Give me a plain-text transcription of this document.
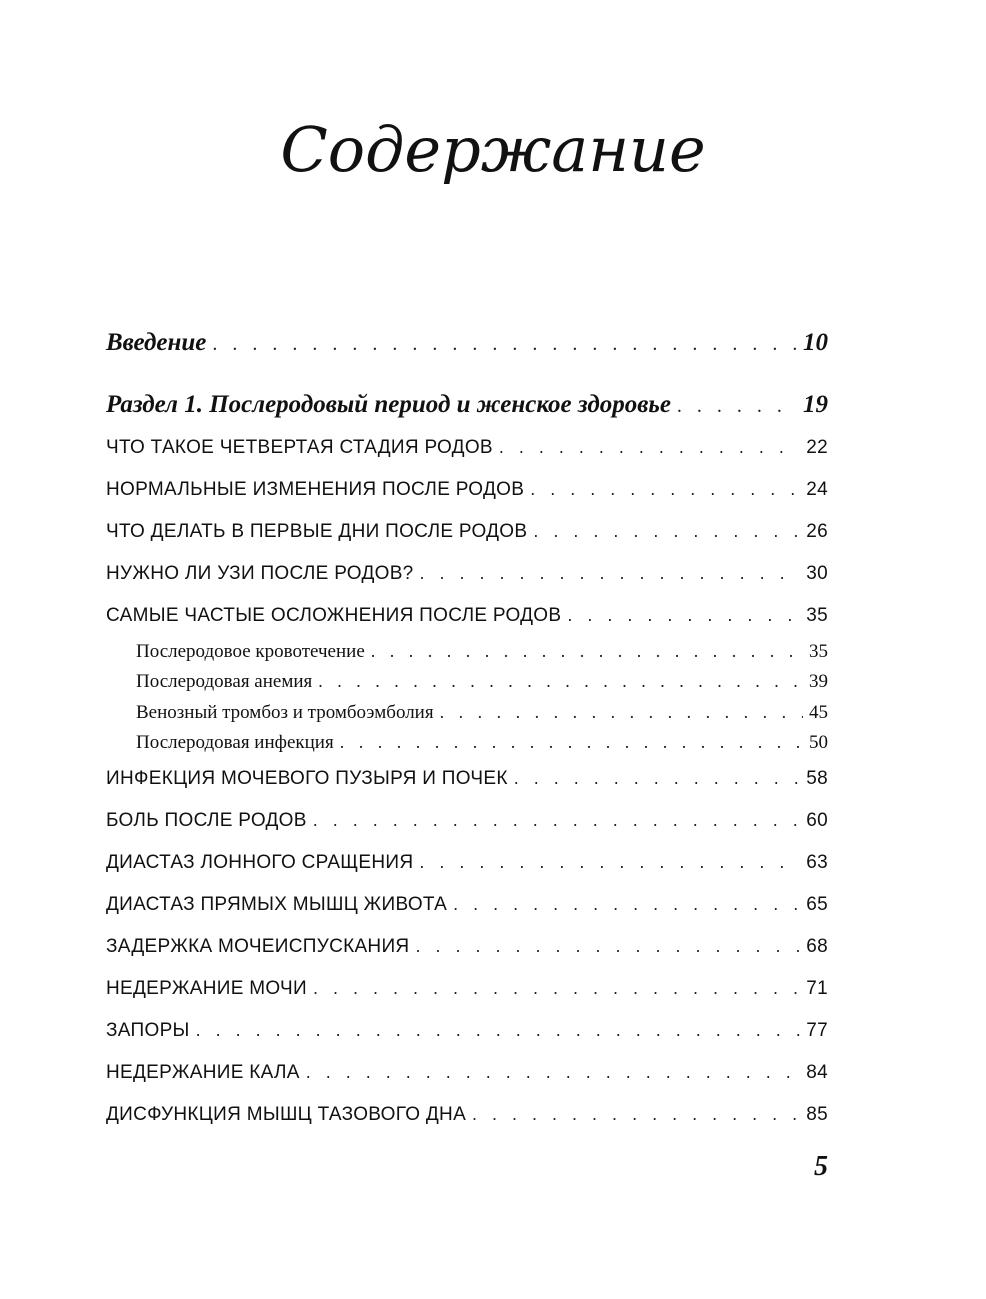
Содержание
Введение . . .	10
Раздел 1. Послеродовый период и женское здоровье . . .	19
ЧТО ТАКОЕ ЧЕТВЕРТАЯ СТАДИЯ РОДОВ . . .	22
НОРМАЛЬНЫЕ ИЗМЕНЕНИЯ ПОСЛЕ РОДОВ . . .	24
ЧТО ДЕЛАТЬ В ПЕРВЫЕ ДНИ ПОСЛЕ РОДОВ . . .	26
НУЖНО ЛИ УЗИ ПОСЛЕ РОДОВ? . . .	30
САМЫЕ ЧАСТЫЕ ОСЛОЖНЕНИЯ ПОСЛЕ РОДОВ . . .	35
Послеродовое кровотечение . . .	35
Послеродовая анемия . . .	39
Венозный тромбоз и тромбоэмболия . . .	45
Послеродовая инфекция . . .	50
ИНФЕКЦИЯ МОЧЕВОГО ПУЗЫРЯ И ПОЧЕК . . .	58
БОЛЬ ПОСЛЕ РОДОВ . . .	60
ДИАСТАЗ ЛОННОГО СРАЩЕНИЯ . . .	63
ДИАСТАЗ ПРЯМЫХ МЫШЦ ЖИВОТА . . .	65
ЗАДЕРЖКА МОЧЕИСПУСКАНИЯ . . .	68
НЕДЕРЖАНИЕ МОЧИ . . .	71
ЗАПОРЫ . . .	77
НЕДЕРЖАНИЕ КАЛА . . .	84
ДИСФУНКЦИЯ МЫШЦ ТАЗОВОГО ДНА . . .	85
5
